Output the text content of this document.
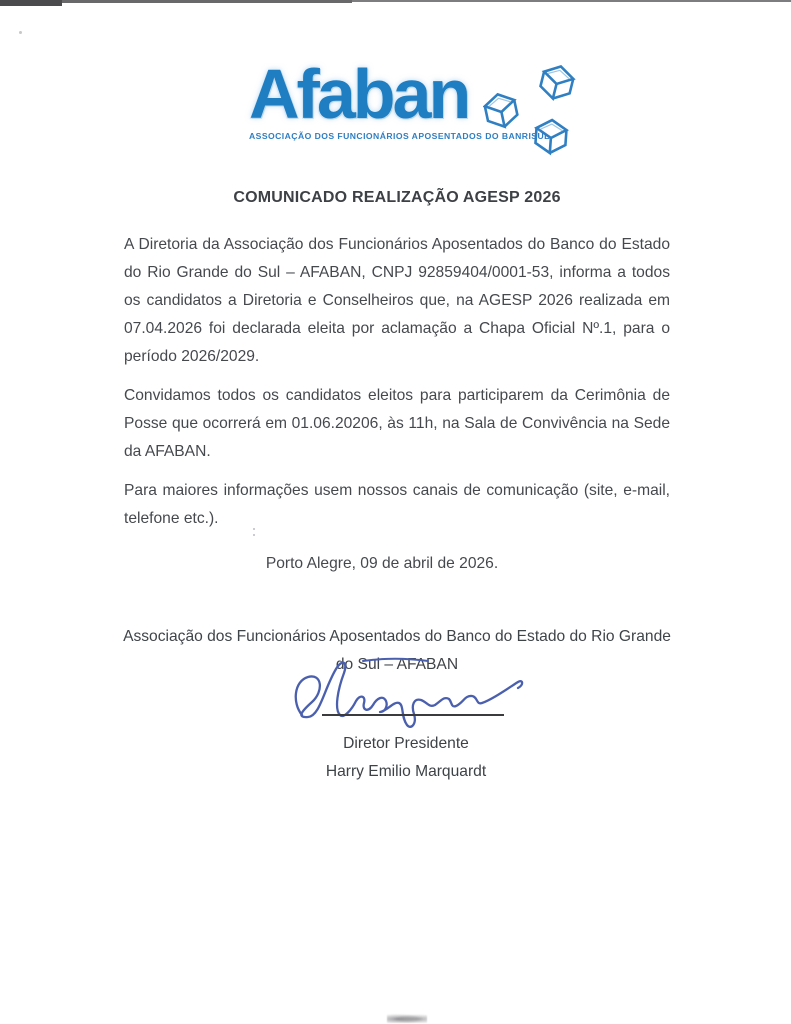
Afaban
ASSOCIAÇÃO DOS FUNCIONÁRIOS APOSENTADOS DO BANRISUL
COMUNICADO REALIZAÇÃO AGESP 2026

A Diretoria da Associação dos Funcionários Aposentados do Banco do Estado do Rio Grande do Sul – AFABAN, CNPJ 92859404/0001-53, informa a todos os candidatos a Diretoria e Conselheiros que, na AGESP 2026 realizada em 07.04.2026 foi declarada eleita por aclamação a Chapa Oficial Nº.1, para o período 2026/2029.

Convidamos todos os candidatos eleitos para participarem da Cerimônia de Posse que ocorrerá em 01.06.20206, às 11h, na Sala de Convivência na Sede da AFABAN.

Para maiores informações usem nossos canais de comunicação (site, e-mail, telefone etc.).

Porto Alegre, 09 de abril de 2026.

Associação dos Funcionários Aposentados do Banco do Estado do Rio Grande

do Sul – AFABAN

Diretor Presidente

Harry Emilio Marquardt
